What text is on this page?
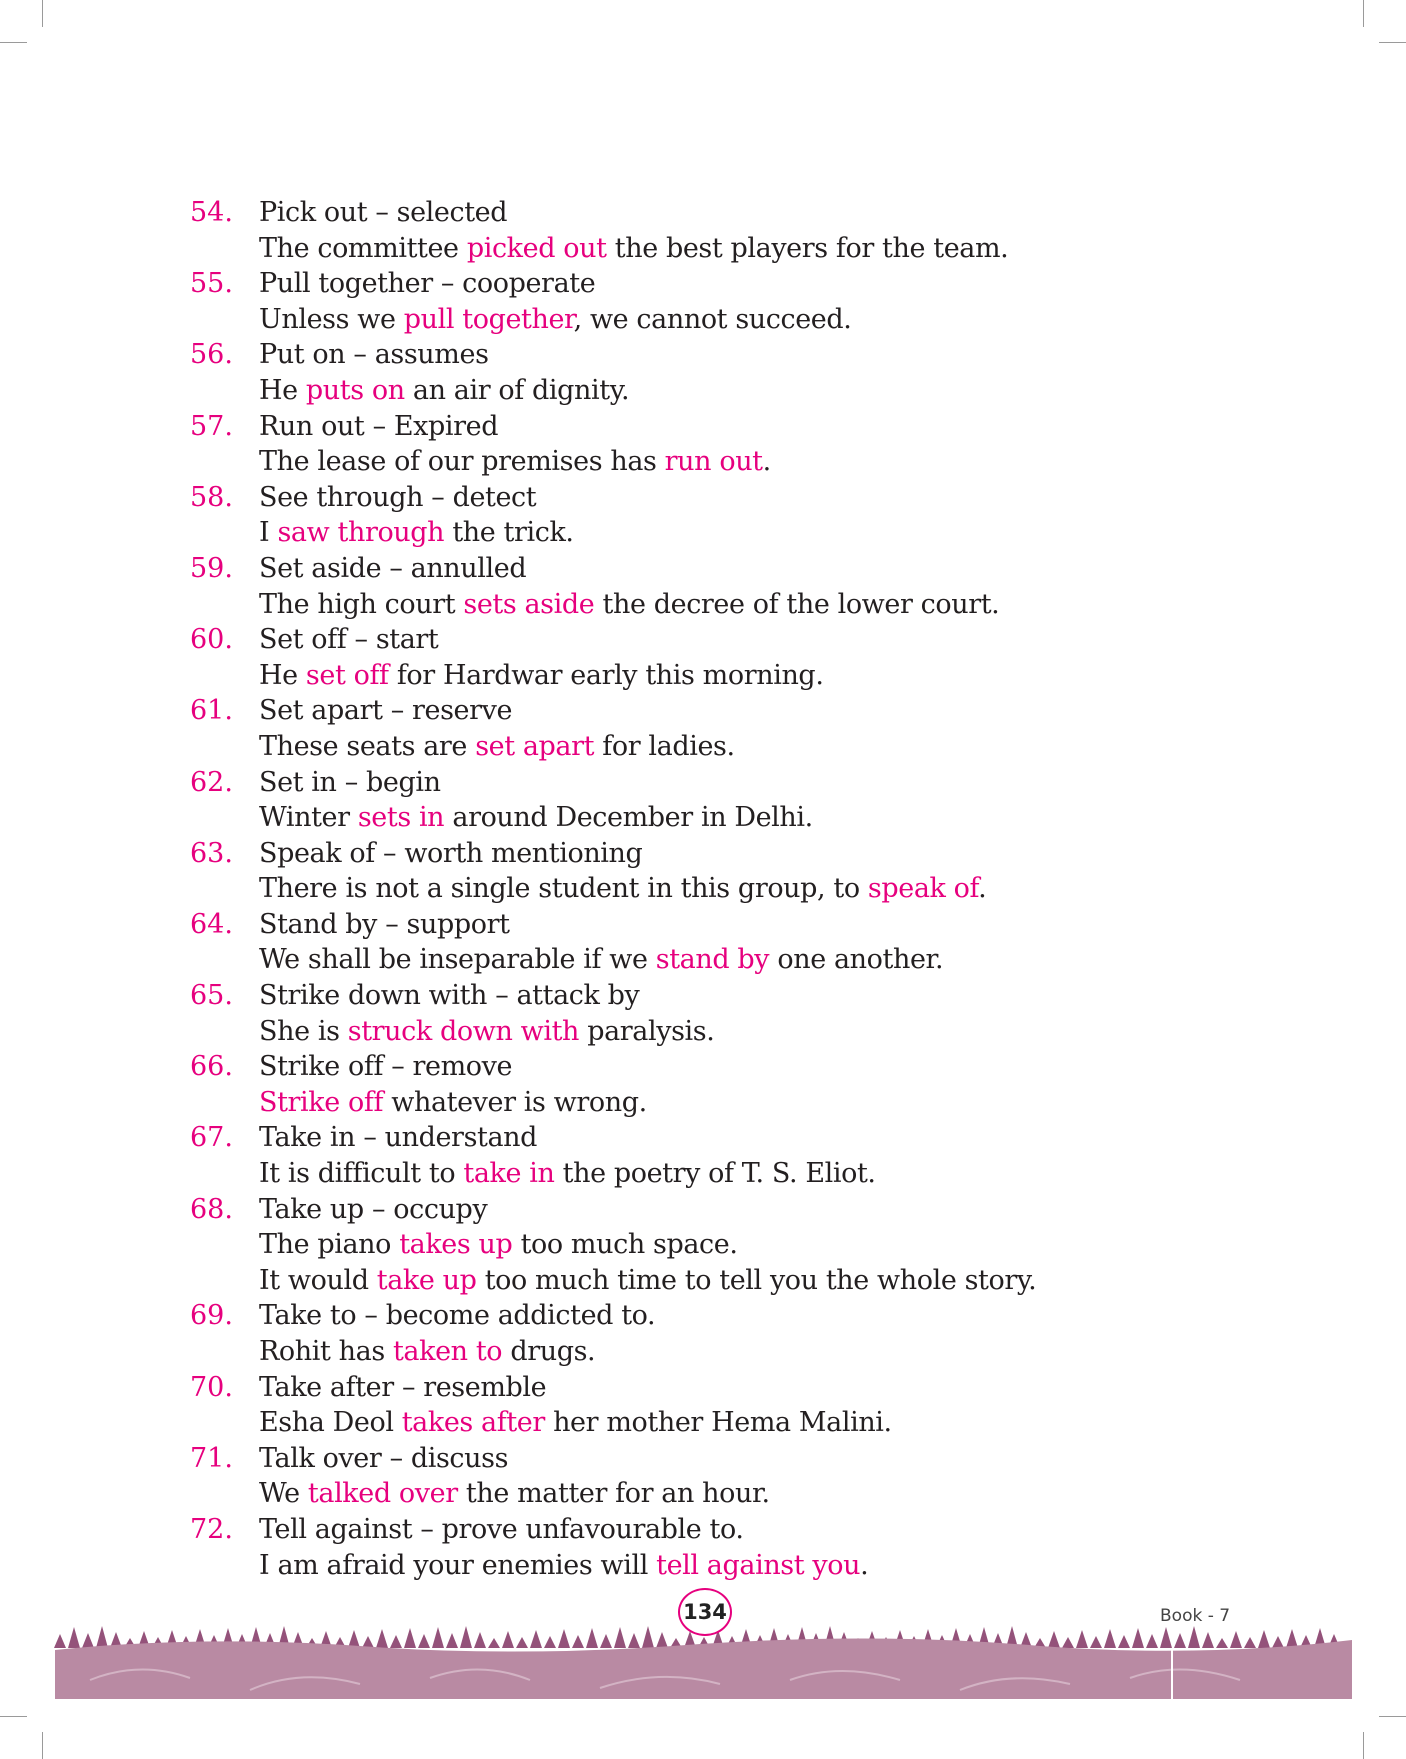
54. Pick out – selected
The committee picked out the best players for the team.
55. Pull together – cooperate
Unless we pull together, we cannot succeed.
56. Put on – assumes
He puts on an air of dignity.
57. Run out – Expired
The lease of our premises has run out.
58. See through – detect
I saw through the trick.
59. Set aside – annulled
The high court sets aside the decree of the lower court.
60. Set off – start
He set off for Hardwar early this morning.
61. Set apart – reserve
These seats are set apart for ladies.
62. Set in – begin
Winter sets in around December in Delhi.
63. Speak of – worth mentioning
There is not a single student in this group, to speak of.
64. Stand by – support
We shall be inseparable if we stand by one another.
65. Strike down with – attack by
She is struck down with paralysis.
66. Strike off – remove
Strike off whatever is wrong.
67. Take in – understand
It is difficult to take in the poetry of T. S. Eliot.
68. Take up – occupy
The piano takes up too much space.
It would take up too much time to tell you the whole story.
69. Take to – become addicted to.
Rohit has taken to drugs.
70. Take after – resemble
Esha Deol takes after her mother Hema Malini.
71. Talk over – discuss
We talked over the matter for an hour.
72. Tell against – prove unfavourable to.
I am afraid your enemies will tell against you.
134	Book - 7
